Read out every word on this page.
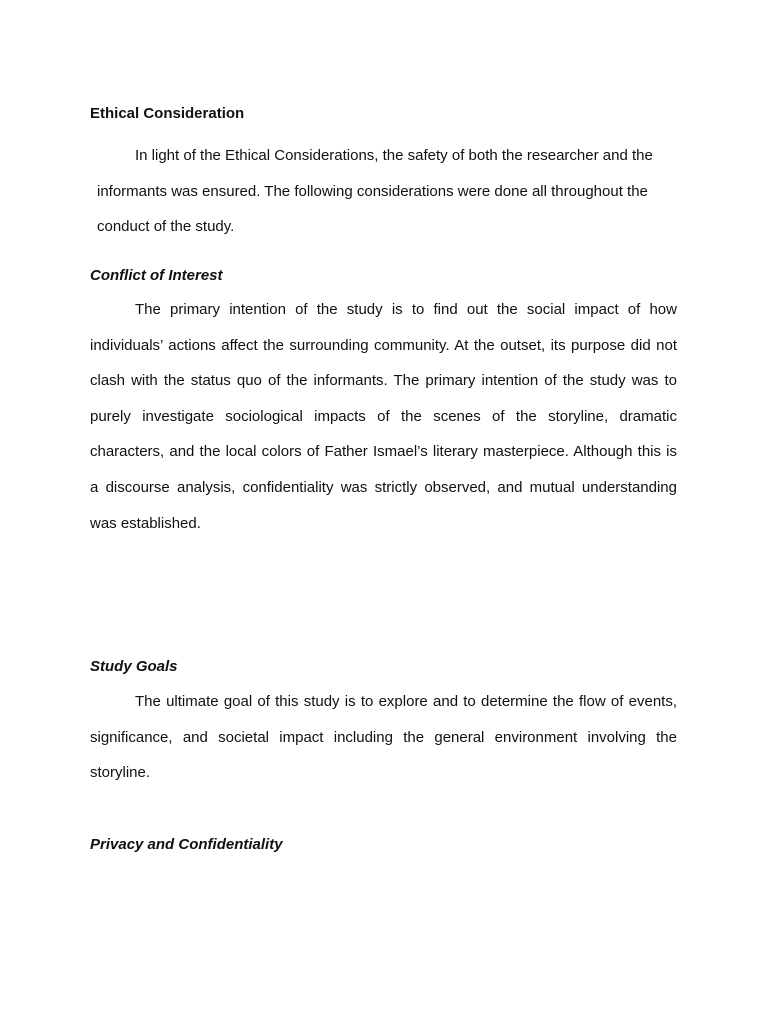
Ethical Consideration

In light of the Ethical Considerations, the safety of both the researcher and the
informants was ensured. The following considerations were done all throughout the
conduct of the study.

Conflict of Interest

The primary intention of the study is to find out the social impact of how individuals’ actions affect the surrounding community. At the outset, its purpose did not clash with the status quo of the informants. The primary intention of the study was to purely investigate sociological impacts of the scenes of the storyline, dramatic characters, and the local colors of Father Ismael’s literary masterpiece. Although this is a discourse analysis, confidentiality was strictly observed, and mutual understanding was established.

Study Goals

The ultimate goal of this study is to explore and to determine the flow of events, significance, and societal impact including the general environment involving the storyline.

Privacy and Confidentiality
